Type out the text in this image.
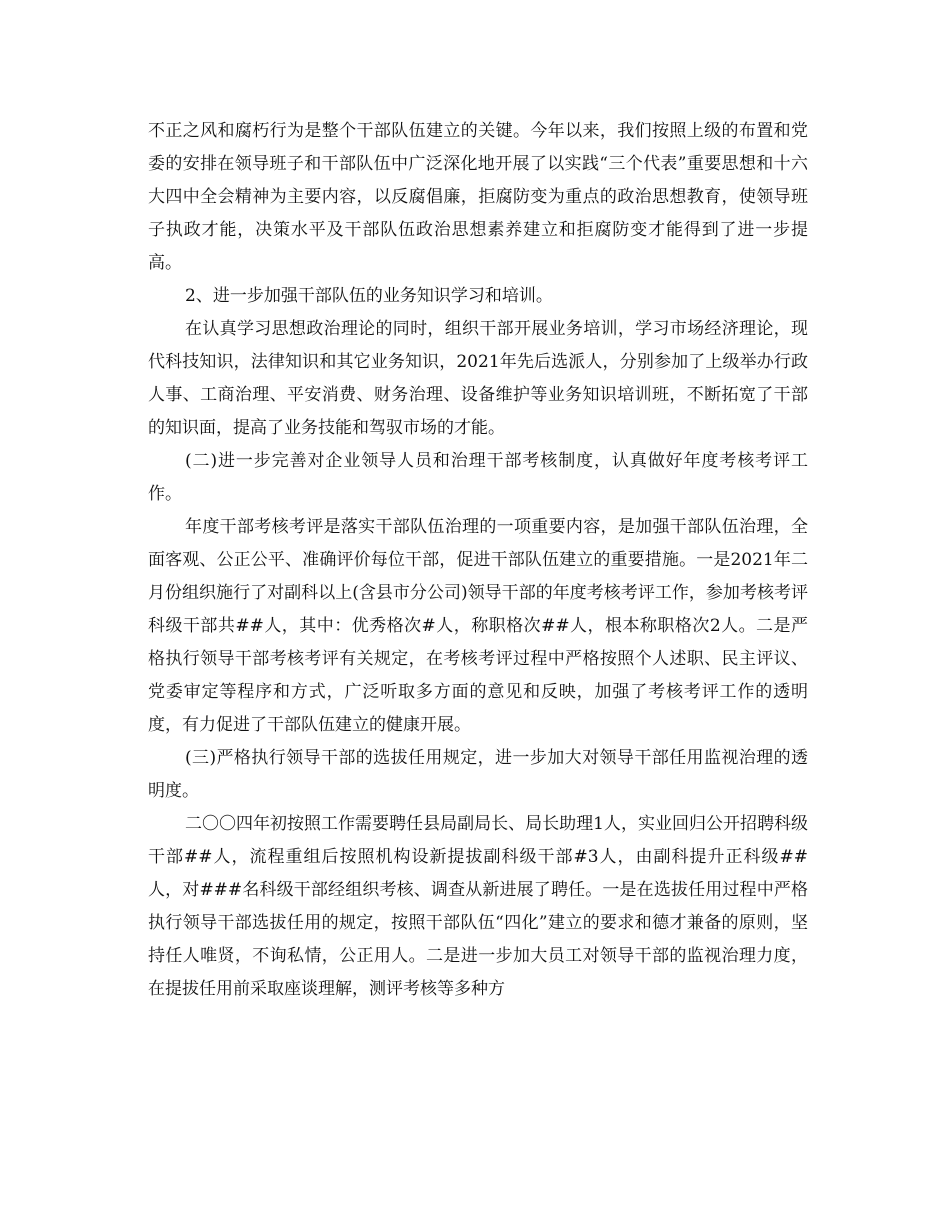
不正之风和腐朽行为是整个干部队伍建立的关键。今年以来，我们按照上级的布置和党委的安排在领导班子和干部队伍中广泛深化地开展了以实践“三个代表”重要思想和十六大四中全会精神为主要内容，以反腐倡廉，拒腐防变为重点的政治思想教育，使领导班子执政才能，决策水平及干部队伍政治思想素养建立和拒腐防变才能得到了进一步提高。

2、进一步加强干部队伍的业务知识学习和培训。

在认真学习思想政治理论的同时，组织干部开展业务培训，学习市场经济理论，现代科技知识，法律知识和其它业务知识，2021年先后选派人，分别参加了上级举办行政人事、工商治理、平安消费、财务治理、设备维护等业务知识培训班，不断拓宽了干部的知识面，提高了业务技能和驾驭市场的才能。

(二)进一步完善对企业领导人员和治理干部考核制度，认真做好年度考核考评工作。

年度干部考核考评是落实干部队伍治理的一项重要内容，是加强干部队伍治理，全面客观、公正公平、准确评价每位干部，促进干部队伍建立的重要措施。一是2021年二月份组织施行了对副科以上(含县市分公司)领导干部的年度考核考评工作，参加考核考评科级干部共##人，其中：优秀格次#人，称职格次##人，根本称职格次2人。二是严格执行领导干部考核考评有关规定，在考核考评过程中严格按照个人述职、民主评议、党委审定等程序和方式，广泛听取多方面的意见和反映，加强了考核考评工作的透明度，有力促进了干部队伍建立的健康开展。

(三)严格执行领导干部的选拔任用规定，进一步加大对领导干部任用监视治理的透明度。

二〇〇四年初按照工作需要聘任县局副局长、局长助理1人，实业回归公开招聘科级干部##人，流程重组后按照机构设新提拔副科级干部#3人，由副科提升正科级##人，对###名科级干部经组织考核、调查从新进展了聘任。一是在选拔任用过程中严格执行领导干部选拔任用的规定，按照干部队伍“四化”建立的要求和德才兼备的原则，坚持任人唯贤，不询私情，公正用人。二是进一步加大员工对领导干部的监视治理力度，在提拔任用前采取座谈理解，测评考核等多种方
